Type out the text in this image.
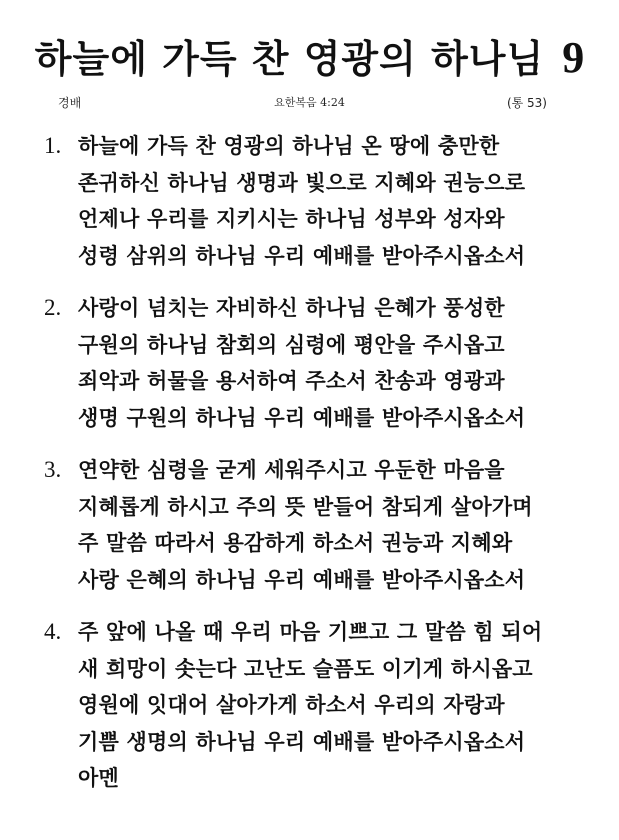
하늘에 가득 찬 영광의 하나님 9
경배	요한복음 4:24	(통 53)
1. 하늘에 가득 찬 영광의 하나님 온 땅에 충만한
존귀하신 하나님 생명과 빛으로 지혜와 권능으로
언제나 우리를 지키시는 하나님 성부와 성자와
성령 삼위의 하나님 우리 예배를 받아주시옵소서
2. 사랑이 넘치는 자비하신 하나님 은혜가 풍성한
구원의 하나님 참회의 심령에 평안을 주시옵고
죄악과 허물을 용서하여 주소서 찬송과 영광과
생명 구원의 하나님 우리 예배를 받아주시옵소서
3. 연약한 심령을 굳게 세워주시고 우둔한 마음을
지혜롭게 하시고 주의 뜻 받들어 참되게 살아가며
주 말씀 따라서 용감하게 하소서 권능과 지혜와
사랑 은혜의 하나님 우리 예배를 받아주시옵소서
4. 주 앞에 나올 때 우리 마음 기쁘고 그 말씀 힘 되어
새 희망이 솟는다 고난도 슬픔도 이기게 하시옵고
영원에 잇대어 살아가게 하소서 우리의 자랑과
기쁨 생명의 하나님 우리 예배를 받아주시옵소서
아멘
